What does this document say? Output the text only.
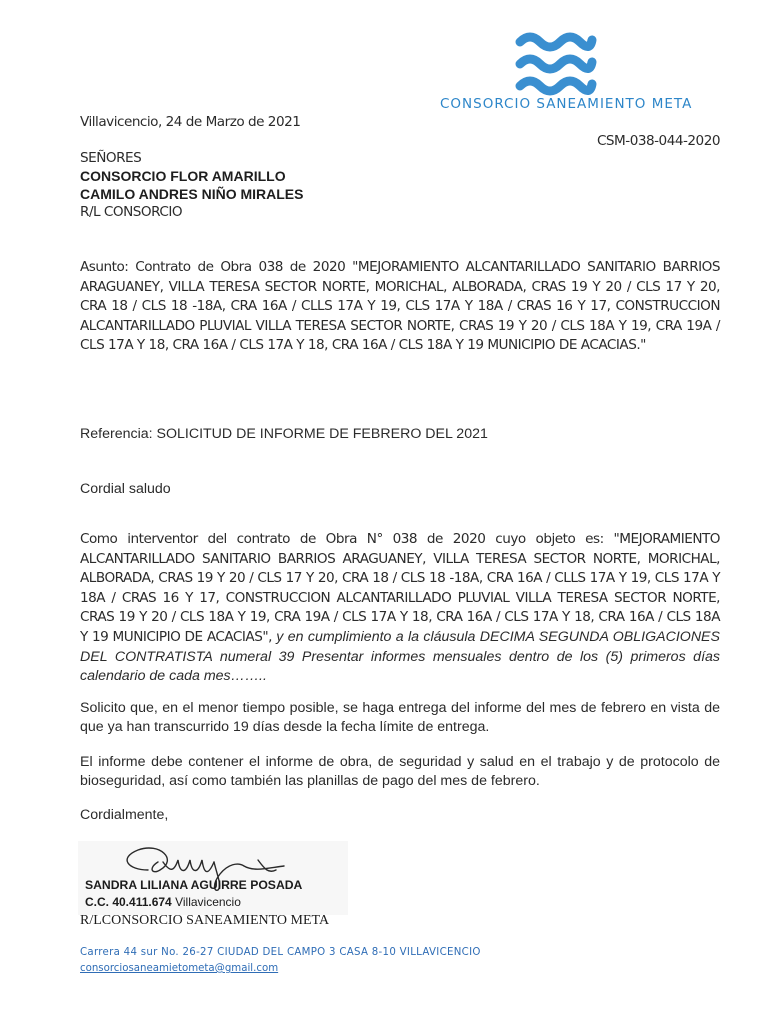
CONSORCIO SANEAMIENTO META
Villavicencio, 24 de Marzo de 2021
CSM-038-044-2020
SEÑORES
CONSORCIO FLOR AMARILLO
CAMILO ANDRES NIÑO MIRALES
R/L CONSORCIO
Asunto: Contrato de Obra 038 de 2020 "MEJORAMIENTO ALCANTARILLADO SANITARIO BARRIOS ARAGUANEY, VILLA TERESA SECTOR NORTE, MORICHAL, ALBORADA, CRAS 19 Y 20 / CLS 17 Y 20, CRA 18 / CLS 18 -18A, CRA 16A / CLLS 17A Y 19, CLS 17A Y 18A / CRAS 16 Y 17, CONSTRUCCION ALCANTARILLADO PLUVIAL VILLA TERESA SECTOR NORTE, CRAS 19 Y 20 / CLS 18A Y 19, CRA 19A / CLS 17A Y 18, CRA 16A / CLS 17A Y 18, CRA 16A / CLS 18A Y 19 MUNICIPIO DE ACACIAS."
Referencia: SOLICITUD DE INFORME DE FEBRERO DEL 2021
Cordial saludo
Como interventor del contrato de Obra N° 038 de 2020 cuyo objeto es: "MEJORAMIENTO ALCANTARILLADO SANITARIO BARRIOS ARAGUANEY, VILLA TERESA SECTOR NORTE, MORICHAL, ALBORADA, CRAS 19 Y 20 / CLS 17 Y 20, CRA 18 / CLS 18 -18A, CRA 16A / CLLS 17A Y 19, CLS 17A Y 18A / CRAS 16 Y 17, CONSTRUCCION ALCANTARILLADO PLUVIAL VILLA TERESA SECTOR NORTE, CRAS 19 Y 20 / CLS 18A Y 19, CRA 19A / CLS 17A Y 18, CRA 16A / CLS 17A Y 18, CRA 16A / CLS 18A Y 19 MUNICIPIO DE ACACIAS", y en cumplimiento a la cláusula DECIMA SEGUNDA OBLIGACIONES DEL CONTRATISTA numeral 39 Presentar informes mensuales dentro de los (5) primeros días calendario de cada mes……..
Solicito que, en el menor tiempo posible, se haga entrega del informe del mes de febrero en vista de que ya han transcurrido 19 días desde la fecha límite de entrega.
El informe debe contener el informe de obra, de seguridad y salud en el trabajo y de protocolo de bioseguridad, así como también las planillas de pago del mes de febrero.
Cordialmente,
SANDRA LILIANA AGUIRRE POSADA
C.C. 40.411.674 Villavicencio
R/LCONSORCIO SANEAMIENTO META
Carrera 44 sur No. 26-27 CIUDAD DEL CAMPO 3 CASA 8-10 VILLAVICENCIO
consorciosaneamietometa@gmail.com
